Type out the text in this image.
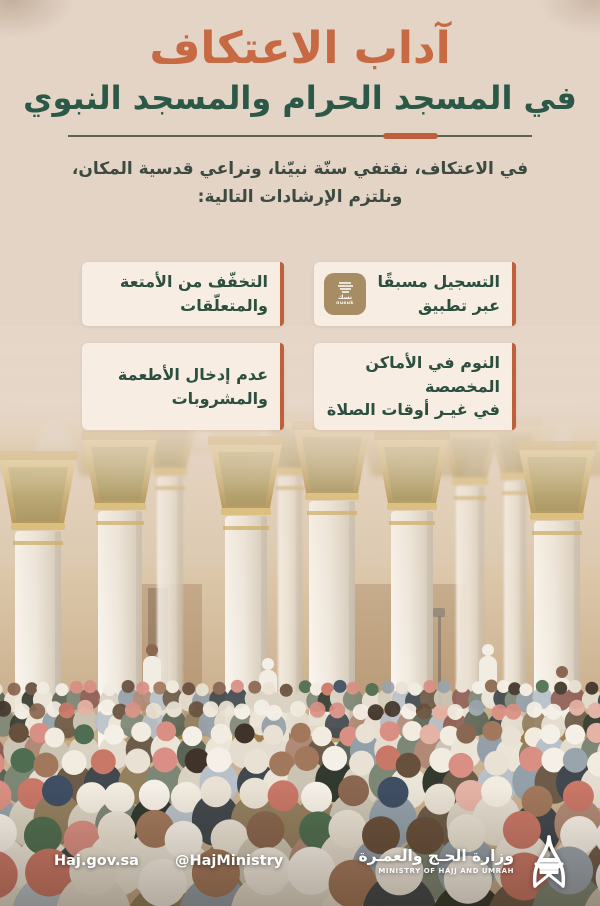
آداب الاعتكاف
في المسجد الحرام والمسجد النبوي

في الاعتكاف، نقتفي سنّة نبيّنا، ونراعي قدسية المكان،
ونلتزم الإرشادات التالية:

التسجيل مسبقًا
عبر تطبيق
نسك
nusuk
التخفّف من الأمتعة
والمتعلّقات
النوم في الأماكن المخصصة
في غيـر أوقات الصلاة
عدم إدخال الأطعمة
والمشروبات
Haj.gov.sa @HajMinistry	وزارة الحـج والعمـرة
MINISTRY OF HAJJ AND UMRAH
